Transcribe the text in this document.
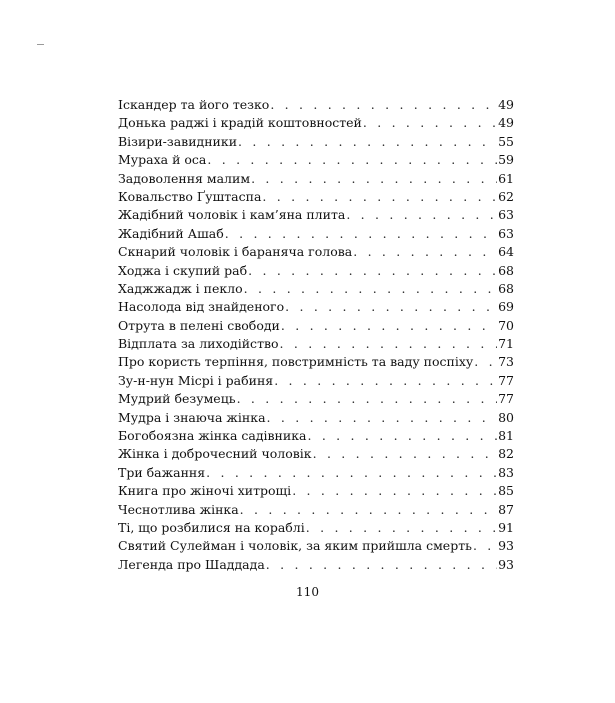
Іскандер та його тезко . . .	49
Донька раджі і крадій коштовностей . . .	49
Візири-завидники . . .	55
Мураха й оса . . .	59
Задоволення малим . . .	61
Ковальство Ґуштаспа . . .	62
Жадібний чоловік і кам’яна плита . . .	63
Жадібний Ашаб . . .	63
Скнарий чоловік і бараняча голова . . .	64
Ходжа і скупий раб . . .	68
Хаджжадж і пекло . . .	68
Насолода від знайденого . . .	69
Отрута в пелені свободи . . .	70
Відплата за лиходійство . . .	71
Про користь терпіння, повстримність та ваду поспіху . . . 73
Зу-н-нун Місрі і рабиня . . .	77
Мудрий безумець . . .	77
Мудра і знаюча жінка . . .	80
Богобоязна жінка садівника . . .	81
Жінка і доброчесний чоловік . . .	82
Три бажання . . .	83
Книга про жіночі хитрощі . . .	85
Чеснотлива жінка . . .	87
Ті, що розбилися на кораблі . . .	91
Святий Сулейман і чоловік, за яким прийшла смерть . . . 93
Легенда про Шаддада . . .	93
110
